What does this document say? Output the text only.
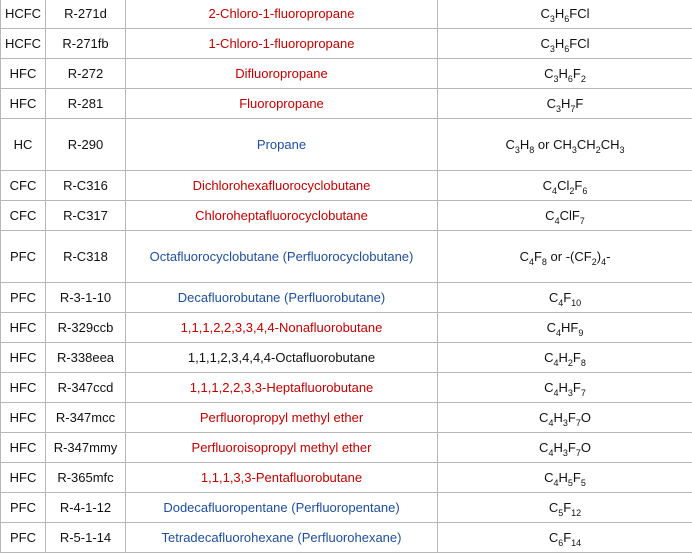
HCFC	R-271d	2-Chloro-1-fluoropropane	$C_3H_6FCl$
HCFC	R-271fb	1-Chloro-1-fluoropropane	$C_3H_6FCl$
HFC	R-272	Difluoropropane	$C_3H_6F_2$
HFC	R-281	Fluoropropane	$C_3H_7F$
HC	R-290	Propane	$C_3H_8$ or $CH_3CH_2CH_3$
CFC	R-C316	Dichlorohexafluorocyclobutane	$C_4Cl_2F_6$
CFC	R-C317	Chloroheptafluorocyclobutane	$C_4ClF_7$
PFC	R-C318	Octafluorocyclobutane (Perfluorocyclobutane)	$C_4F_8$ or $-(CF_2)_4-$
PFC	R-3-1-10	Decafluorobutane (Perfluorobutane)	$C_4F_{10}$
HFC	R-329ccb	1,1,1,2,2,3,3,4,4-Nonafluorobutane	$C_4HF_9$
HFC	R-338eea	1,1,1,2,3,4,4,4-Octafluorobutane	$C_4H_2F_8$
HFC	R-347ccd	1,1,1,2,2,3,3-Heptafluorobutane	$C_4H_3F_7$
HFC	R-347mcc	Perfluoropropyl methyl ether	$C_4H_3F_7O$
HFC	R-347mmy	Perfluoroisopropyl methyl ether	$C_4H_3F_7O$
HFC	R-365mfc	1,1,1,3,3-Pentafluorobutane	$C_4H_5F_5$
PFC	R-4-1-12	Dodecafluoropentane (Perfluoropentane)	$C_5F_{12}$
PFC	R-5-1-14	Tetradecafluorohexane (Perfluorohexane)	$C_6F_{14}$
